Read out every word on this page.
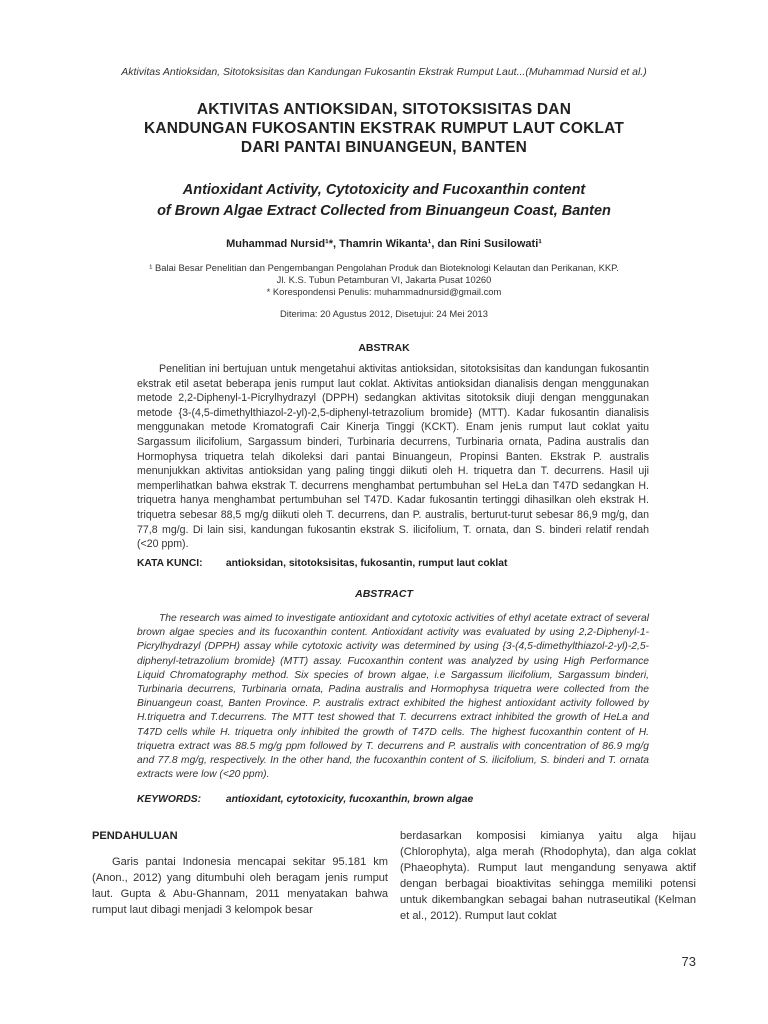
Aktivitas Antioksidan, Sitotoksisitas dan Kandungan Fukosantin Ekstrak Rumput Laut...(Muhammad Nursid et al.)
AKTIVITAS ANTIOKSIDAN, SITOTOKSISITAS DAN
KANDUNGAN FUKOSANTIN EKSTRAK RUMPUT LAUT COKLAT
DARI PANTAI BINUANGEUN, BANTEN
Antioxidant Activity, Cytotoxicity and Fucoxanthin content
of Brown Algae Extract Collected from Binuangeun Coast, Banten
Muhammad Nursid¹*, Thamrin Wikanta¹, dan Rini Susilowati¹
¹ Balai Besar Penelitian dan Pengembangan Pengolahan Produk dan Bioteknologi Kelautan dan Perikanan, KKP.
Jl. K.S. Tubun Petamburan VI, Jakarta Pusat 10260
* Korespondensi Penulis: muhammadnursid@gmail.com
Diterima: 20 Agustus 2012, Disetujui: 24 Mei 2013
ABSTRAK

Penelitian ini bertujuan untuk mengetahui aktivitas antioksidan, sitotoksisitas dan kandungan fukosantin ekstrak etil asetat beberapa jenis rumput laut coklat. Aktivitas antioksidan dianalisis dengan menggunakan metode 2,2-Diphenyl-1-Picrylhydrazyl (DPPH) sedangkan aktivitas sitotoksik diuji dengan menggunakan metode {3-(4,5-dimethylthiazol-2-yl)-2,5-diphenyl-tetrazolium bromide} (MTT). Kadar fukosantin dianalisis menggunakan metode Kromatografi Cair Kinerja Tinggi (KCKT). Enam jenis rumput laut coklat yaitu Sargassum ilicifolium, Sargassum binderi, Turbinaria decurrens, Turbinaria ornata, Padina australis dan Hormophysa triquetra telah dikoleksi dari pantai Binuangeun, Propinsi Banten. Ekstrak P. australis menunjukkan aktivitas antioksidan yang paling tinggi diikuti oleh H. triquetra dan T. decurrens. Hasil uji memperlihatkan bahwa ekstrak T. decurrens menghambat pertumbuhan sel HeLa dan T47D sedangkan H. triquetra hanya menghambat pertumbuhan sel T47D. Kadar fukosantin tertinggi dihasilkan oleh ekstrak H. triquetra sebesar 88,5 mg/g diikuti oleh T. decurrens, dan P. australis, berturut-turut sebesar 86,9 mg/g, dan 77,8 mg/g. Di lain sisi, kandungan fukosantin ekstrak S. ilicifolium, T. ornata, dan S. binderi relatif rendah (<20 ppm).

KATA KUNCI: antioksidan, sitotoksisitas, fukosantin, rumput laut coklat
ABSTRACT

The research was aimed to investigate antioxidant and cytotoxic activities of ethyl acetate extract of several brown algae species and its fucoxanthin content. Antioxidant activity was evaluated by using 2,2-Diphenyl-1-Picrylhydrazyl (DPPH) assay while cytotoxic activity was determined by using {3-(4,5-dimethylthiazol-2-yl)-2,5-diphenyl-tetrazolium bromide} (MTT) assay. Fucoxanthin content was analyzed by using High Performance Liquid Chromatography method. Six species of brown algae, i.e Sargassum ilicifolium, Sargassum binderi, Turbinaria decurrens, Turbinaria ornata, Padina australis and Hormophysa triquetra were collected from the Binuangeun coast, Banten Province. P. australis extract exhibited the highest antioxidant activity followed by H.triquetra and T.decurrens. The MTT test showed that T. decurrens extract inhibited the growth of HeLa and T47D cells while H. triquetra only inhibited the growth of T47D cells. The highest fucoxanthin content of H. triquetra extract was 88.5 mg/g ppm followed by T. decurrens and P. australis with concentration of 86.9 mg/g and 77.8 mg/g, respectively. In the other hand, the fucoxanthin content of S. ilicifolium, S. binderi and T. ornata extracts were low (<20 ppm).

KEYWORDS: antioxidant, cytotoxicity, fucoxanthin, brown algae
PENDAHULUAN

Garis pantai Indonesia mencapai sekitar 95.181 km (Anon., 2012) yang ditumbuhi oleh beragam jenis rumput laut. Gupta & Abu-Ghannam, 2011 menyatakan bahwa rumput laut dibagi menjadi 3 kelompok besar

berdasarkan komposisi kimianya yaitu alga hijau (Chlorophyta), alga merah (Rhodophyta), dan alga coklat (Phaeophyta). Rumput laut mengandung senyawa aktif dengan berbagai bioaktivitas sehingga memiliki potensi untuk dikembangkan sebagai bahan nutraseutikal (Kelman et al., 2012). Rumput laut coklat

73
